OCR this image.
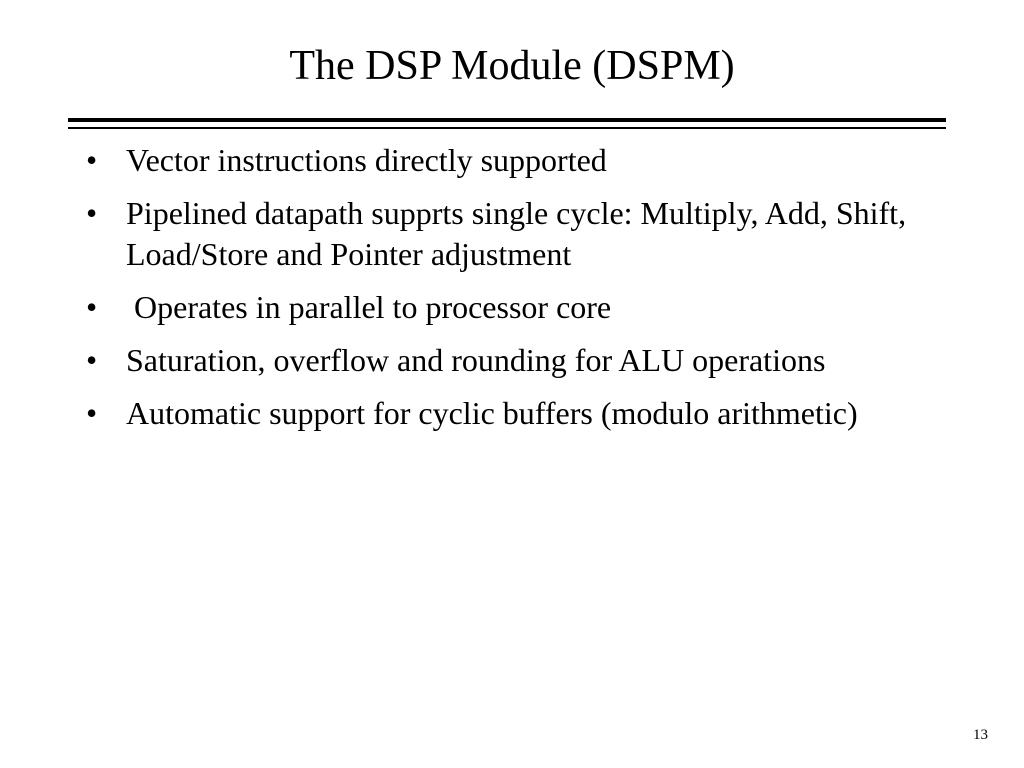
The DSP Module (DSPM)
• Vector instructions directly supported
• Pipelined datapath supprts single cycle: Multiply, Add, Shift, Load/Store and Pointer adjustment
• Operates in parallel to processor core
• Saturation, overflow and rounding for ALU operations
• Automatic support for cyclic buffers (modulo arithmetic)
13
